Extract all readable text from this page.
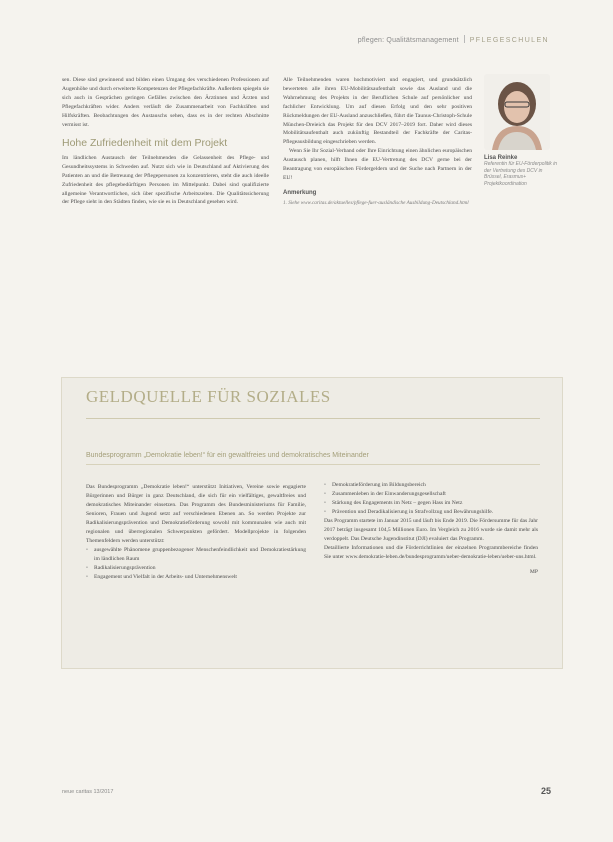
pflegen: Qualitätsmanagement PFLEGESCHULEN

sen. Diese sind gewinnend und bilden einen Umgang des verschiedenen Professionen auf Augenhöhe und durch erweiterte Kompetenzen der Pflegefachkräfte. Außerdem spiegeln sie sich auch in Gesprächen geringen Gefälles zwischen den Ärztinnen und Ärzten und Pflegefachkräften wider. Anders verläuft die Zusammenarbeit von Fachkräften und Hilfskräften. Beobachtungen des Austauschs sehen, dass es in der rechten Abschnitte vermisst ist.

Hohe Zufriedenheit mit dem Projekt

Im ländlichen Austausch der Teilnehmenden die Gelassenheit des Pflege- und Gesundheitssystems in Schweden auf. Nutzt sich wie in Deutschland auf Aktivierung des Patienten an und die Betreuung der Pflegepersonen zu konzentrieren, steht die auch ideelle Zufriedenheit des pflegebedürftigen Personen im Mittelpunkt. Dabei sind qualifizierte allgemeine Verantwortlichen, sich über spezifische Arbeitszeiten. Die Qualitätssicherung der Pflege sieht in den Städten finden, wie sie es in Deutschland gesehen wird.

Alle Teilnehmenden waren hochmotiviert und engagiert, und grundsätzlich bewerteten alle ihren EU-Mobilitätsaufenthalt sowie das Ausland und die Wahrnehmung des Projekts in der Beruflichen Schule auf persönlicher und fachlicher Entwicklung. Um auf diesen Erfolg und den sehr positiven Rückmeldungen der EU-Ausland anzuschließen, führt die Taunus-Christoph-Schule München-Dreieich das Projekt für den DCV 2017–2019 fort. Daher wird dieses Mobilitätsaufenthalt auch zukünftig Bestandteil der Fachkräfte der Caritas-Pflegeausbildung eingeschrieben werden.

Wenn Sie Ihr Sozial-Verband oder Ihre Einrichtung einen ähnlichen europäischen Austausch planen, hilft Ihnen die EU-Vertretung des DCV gerne bei der Beantragung von europäischen Fördergeldern und der Suche nach Partnern in der EU!

Anmerkung
1. Siehe www.caritas.de/aktuelles/pflege-fuer-ausländische Ausbildung-Deutschland.html
Lisa Reinke
Referentin für EU-Förderpolitik in der Vertretung des DCV in Brüssel, Erasmus+ Projektkoordination
GELDQUELLE FÜR SOZIALES
Bundesprogramm „Demokratie leben!“ für ein gewaltfreies und demokratisches Miteinander
Das Bundesprogramm „Demokratie leben!“ unterstützt Initiativen, Vereine sowie engagierte Bürgerinnen und Bürger in ganz Deutschland, die sich für ein vielfältiges, gewaltfreies und demokratisches Miteinander einsetzen. Das Programm des Bundesministeriums für Familie, Senioren, Frauen und Jugend setzt auf verschiedenen Ebenen an. So werden Projekte zur Radikalisierungsprävention und Demokratieförderung sowohl mit kommunalen wie auch mit regionalen und überregionalen Schwerpunkten gefördert. Modellprojekte in folgenden Themenfeldern werden unterstützt:
• ausgewählte Phänomene gruppenbezogener Menschenfeindlichkeit und Demokratiestärkung im ländlichen Raum
• Radikalisierungsprävention
• Engagement und Vielfalt in der Arbeits- und Unternehmenswelt
• Demokratieförderung im Bildungsbereich
• Zusammenleben in der Einwanderungsgesellschaft
• Stärkung des Engagements im Netz – gegen Hass im Netz
• Prävention und Deradikalisierung in Strafvollzug und Bewährungshilfe.
Das Programm startete im Januar 2015 und läuft bis Ende 2019. Die Fördersumme für das Jahr 2017 beträgt insgesamt 104,5 Millionen Euro. Im Vergleich zu 2016 wurde sie damit mehr als verdoppelt. Das Deutsche Jugendinstitut (DJI) evaluiert das Programm.
Detaillierte Informationen und die Förderrichtlinien der einzelnen Programmbereiche finden Sie unter www.demokratie-leben.de/bundesprogramm/ueber-demokratie-leben/ueber-uns.html.
MP
neue caritas 13/2017	25
